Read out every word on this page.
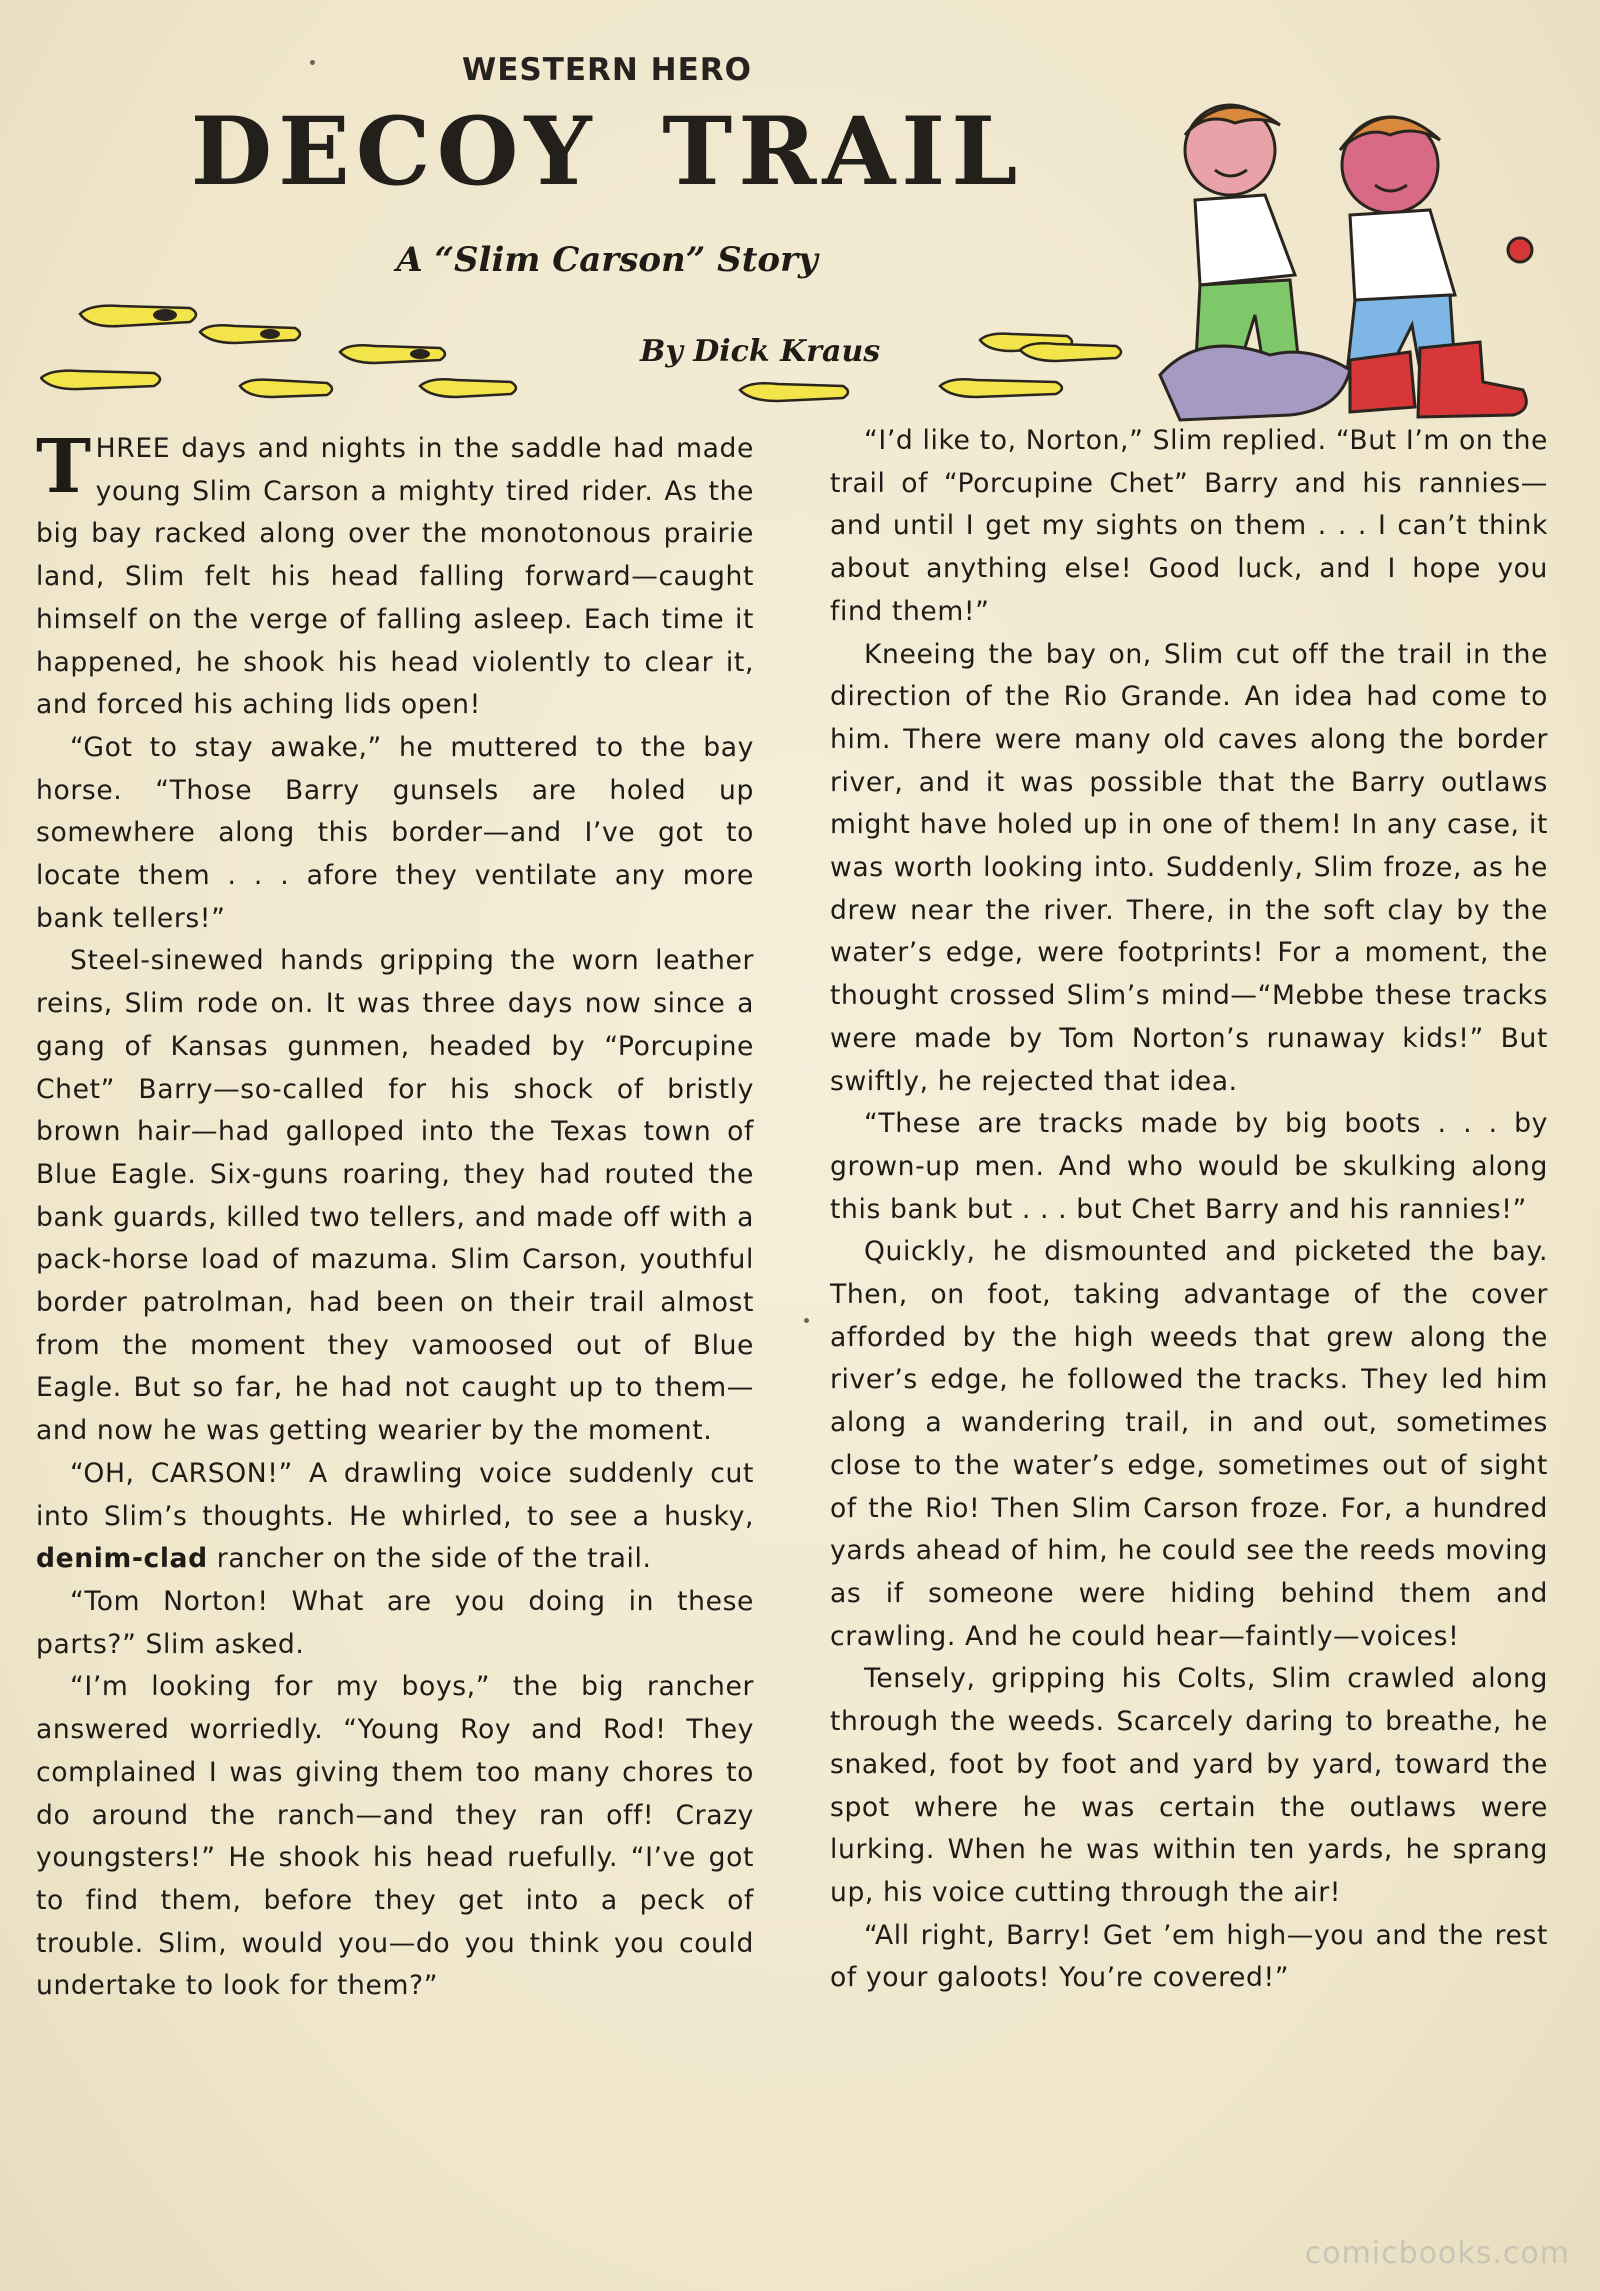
WESTERN HERO
DECOY TRAIL
A “Slim Carson” Story
By Dick Kraus

THREE days and nights in the saddle had made young Slim Carson a mighty tired rider. As the big bay racked along over the monotonous prairie land, Slim felt his head falling forward—caught himself on the verge of falling asleep. Each time it happened, he shook his head violently to clear it, and forced his aching lids open!

“Got to stay awake,” he muttered to the bay horse. “Those Barry gunsels are holed up somewhere along this border—and I’ve got to locate them . . . afore they ventilate any more bank tellers!”

Steel-sinewed hands gripping the worn leather reins, Slim rode on. It was three days now since a gang of Kansas gunmen, headed by “Porcupine Chet” Barry—so-called for his shock of bristly brown hair—had galloped into the Texas town of Blue Eagle. Six-guns roaring, they had routed the bank guards, killed two tellers, and made off with a pack-horse load of mazuma. Slim Carson, youthful border patrolman, had been on their trail almost from the moment they vamoosed out of Blue Eagle. But so far, he had not caught up to them—and now he was getting wearier by the moment.

“OH, CARSON!” A drawling voice suddenly cut into Slim’s thoughts. He whirled, to see a husky, denim-clad rancher on the side of the trail.

“Tom Norton! What are you doing in these parts?” Slim asked.

“I’m looking for my boys,” the big rancher answered worriedly. “Young Roy and Rod! They complained I was giving them too many chores to do around the ranch—and they ran off! Crazy youngsters!” He shook his head ruefully. “I’ve got to find them, before they get into a peck of trouble. Slim, would you—do you think you could undertake to look for them?”

“I’d like to, Norton,” Slim replied. “But I’m on the trail of “Porcupine Chet” Barry and his rannies—and until I get my sights on them . . . I can’t think about anything else! Good luck, and I hope you find them!”

Kneeing the bay on, Slim cut off the trail in the direction of the Rio Grande. An idea had come to him. There were many old caves along the border river, and it was possible that the Barry outlaws might have holed up in one of them! In any case, it was worth looking into. Suddenly, Slim froze, as he drew near the river. There, in the soft clay by the water’s edge, were footprints! For a moment, the thought crossed Slim’s mind—“Mebbe these tracks were made by Tom Norton’s runaway kids!” But swiftly, he rejected that idea.

“These are tracks made by big boots . . . by grown-up men. And who would be skulking along this bank but . . . but Chet Barry and his rannies!”

Quickly, he dismounted and picketed the bay. Then, on foot, taking advantage of the cover afforded by the high weeds that grew along the river’s edge, he followed the tracks. They led him along a wandering trail, in and out, sometimes close to the water’s edge, sometimes out of sight of the Rio! Then Slim Carson froze. For, a hundred yards ahead of him, he could see the reeds moving as if someone were hiding behind them and crawling. And he could hear—faintly—voices!

Tensely, gripping his Colts, Slim crawled along through the weeds. Scarcely daring to breathe, he snaked, foot by foot and yard by yard, toward the spot where he was certain the outlaws were lurking. When he was within ten yards, he sprang up, his voice cutting through the air!

“All right, Barry! Get ’em high—you and the rest of your galoots! You’re covered!”

comicbooks.com
